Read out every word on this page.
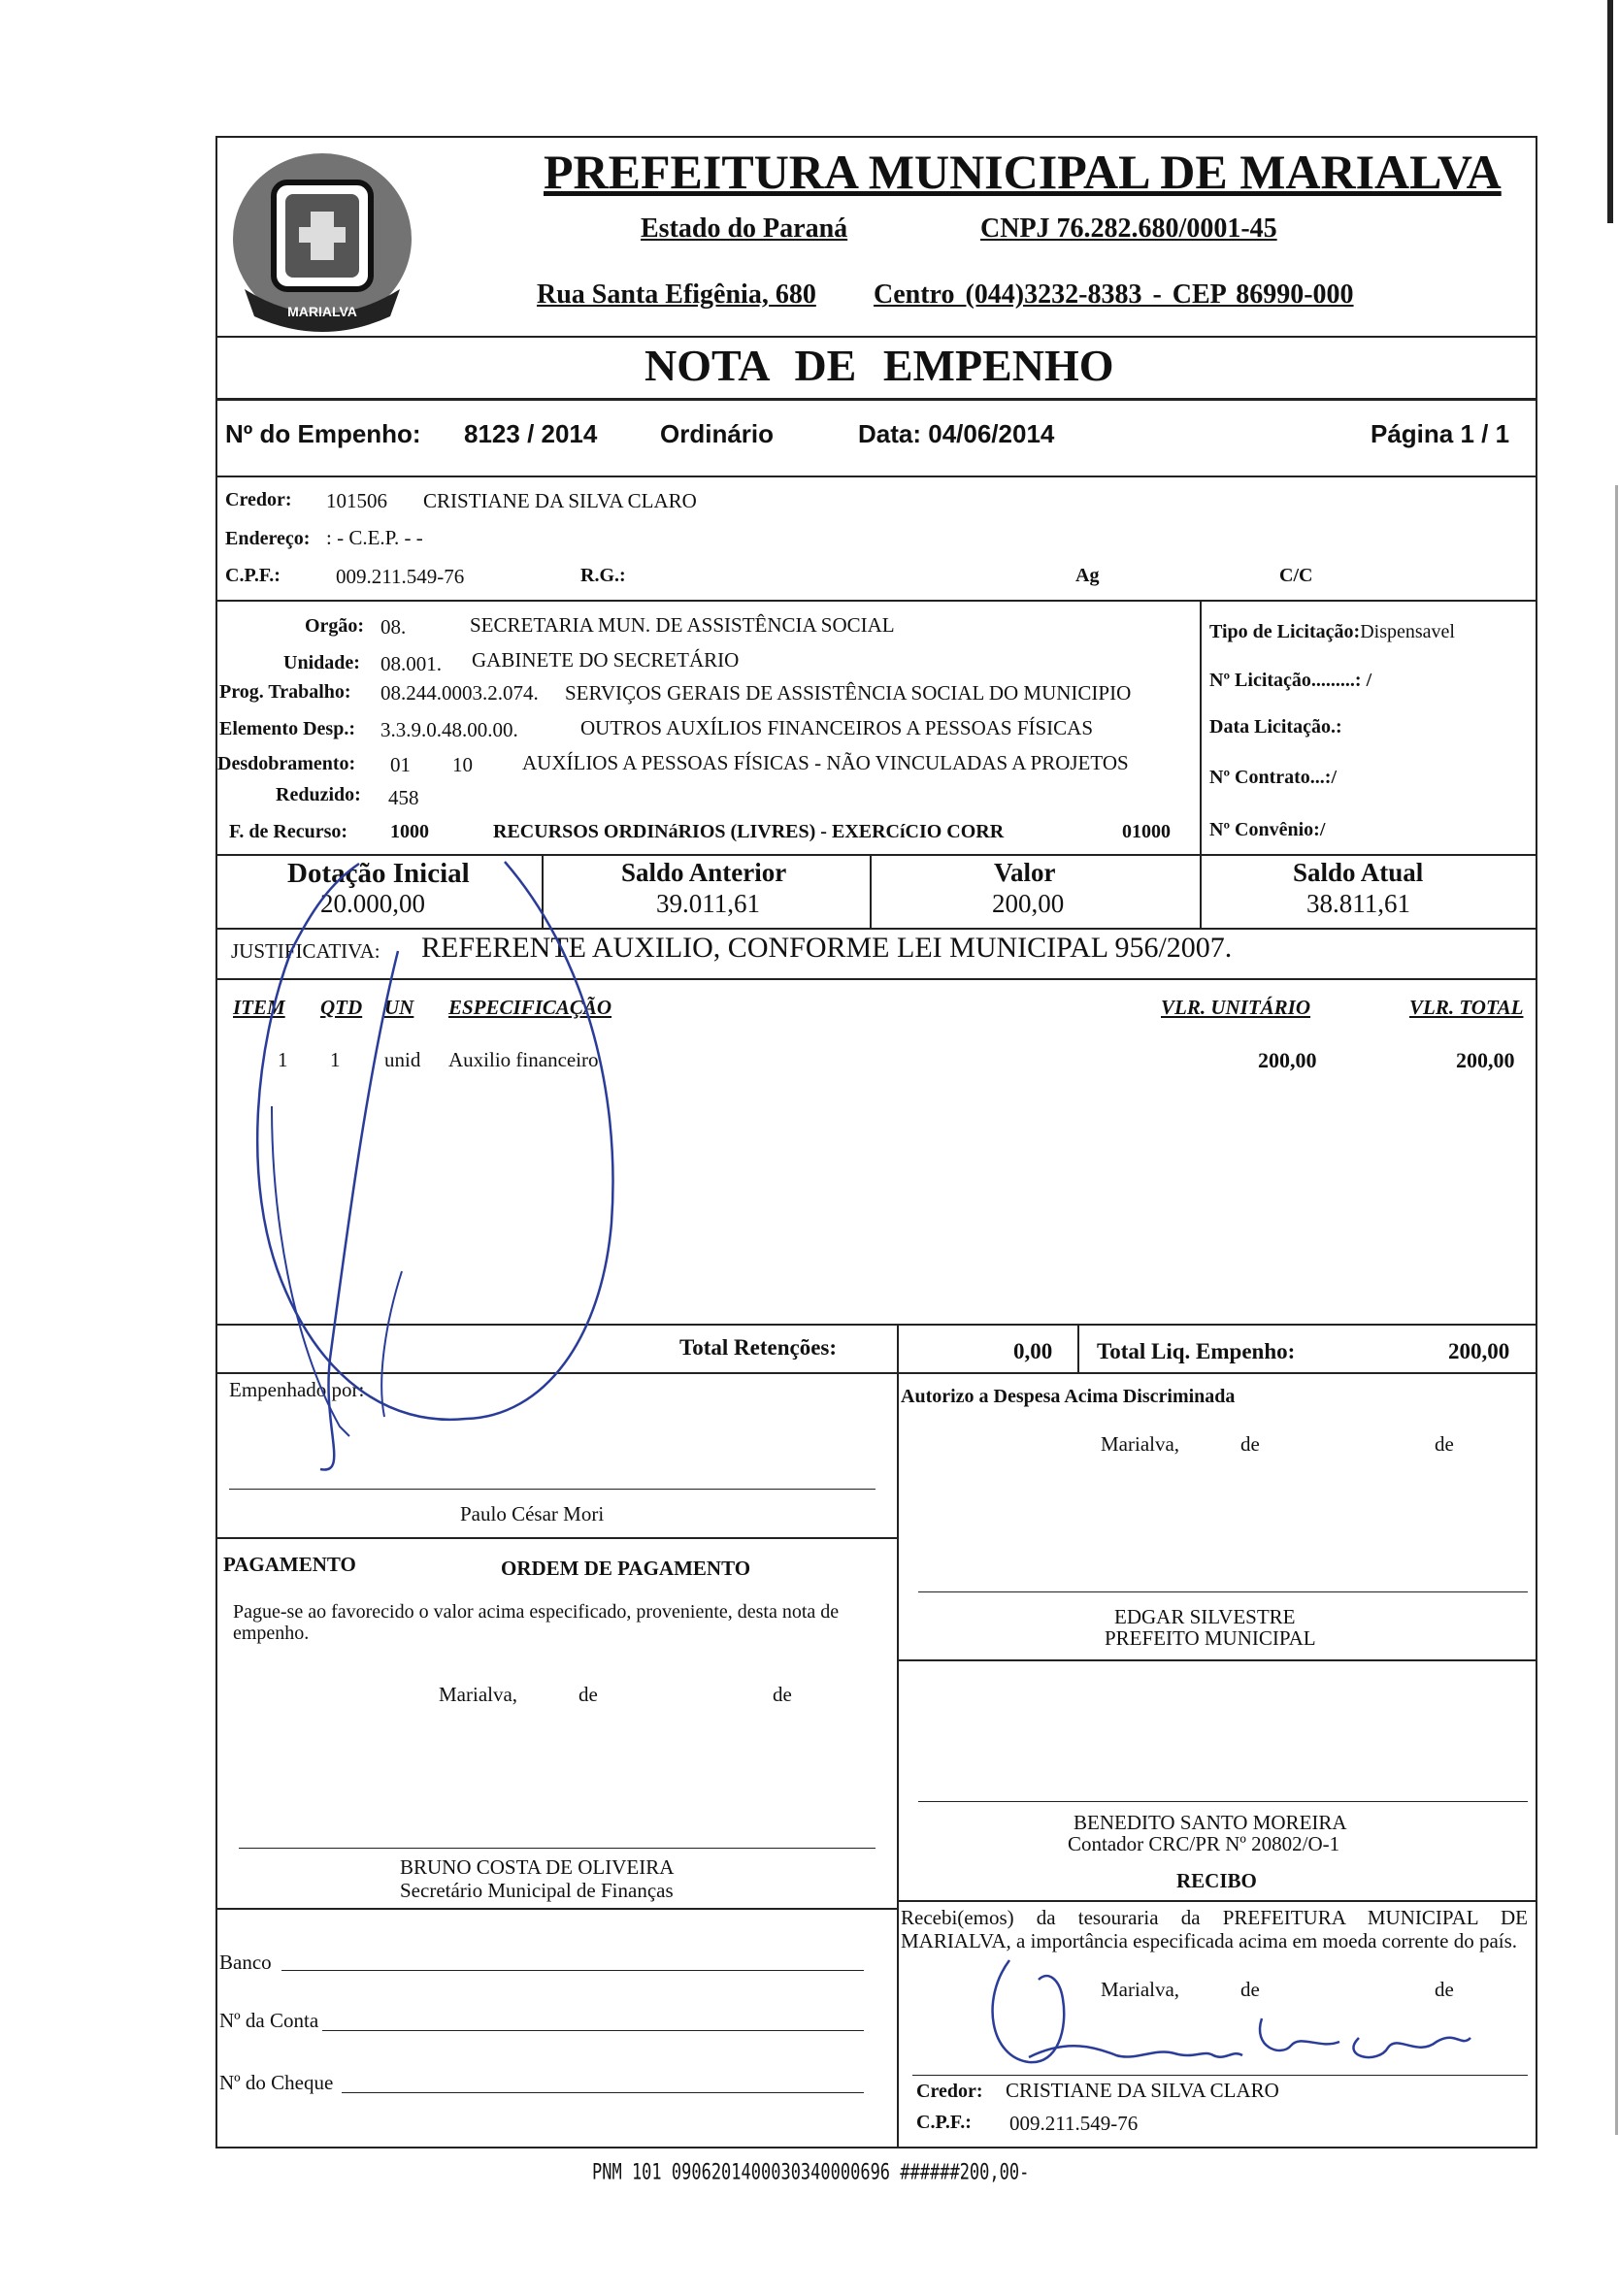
MARIALVA
PREFEITURA MUNICIPAL DE MARIALVA
Estado do Paraná	CNPJ 76.282.680/0001-45
Rua Santa Efigênia, 680 Centro (044)3232-8383 - CEP 86990-000
NOTA DE EMPENHO
Nº do Empenho: 8123 / 2014 Ordinário	Data: 04/06/2014	Página 1 / 1
Credor: 101506 CRISTIANE DA SILVA CLARO
Endereço: : - C.E.P. - -
C.P.F.:	009.211.549-76	R.G.:	Ag	C/C
Orgão: 08.	SECRETARIA MUN. DE ASSISTÊNCIA SOCIAL
Unidade: 08.001. GABINETE DO SECRETÁRIO
Prog. Trabalho: 08.244.0003.2.074. SERVIÇOS GERAIS DE ASSISTÊNCIA SOCIAL DO MUNICIPIO
Elemento Desp.: 3.3.9.0.48.00.00.	OUTROS AUXÍLIOS FINANCEIROS A PESSOAS FÍSICAS
Desdobramento: 01 10 AUXÍLIOS A PESSOAS FÍSICAS - NÃO VINCULADAS A PROJETOS
Reduzido: 458
F. de Recurso: 1000	RECURSOS ORDINáRIOS (LIVRES) - EXERCíCIO CORR	01000
Tipo de Licitação:Dispensavel
Nº Licitação.........: /
Data Licitação.:
Nº Contrato...:/
Nº Convênio:/
Dotação Inicial
20.000,00
Saldo Anterior
39.011,61
Valor
200,00
Saldo Atual
38.811,61
JUSTIFICATIVA: REFERENTE AUXILIO, CONFORME LEI MUNICIPAL 956/2007.
ITEM QTD UN ESPECIFICAÇÃO	VLR. UNITÁRIO	VLR. TOTAL
1 1 unid Auxilio financeiro	200,00	200,00
Total Retenções:	0,00 Total Liq. Empenho:	200,00
Empenhado por:
Paulo César Mori
Autorizo a Despesa Acima Discriminada
Marialva,	de	de
PAGAMENTO	ORDEM DE PAGAMENTO
Pague-se ao favorecido o valor acima especificado, proveniente, desta nota de empenho.
Marialva,	de	de
EDGAR SILVESTRE
PREFEITO MUNICIPAL
BENEDITO SANTO MOREIRA
Contador CRC/PR Nº 20802/O-1
BRUNO COSTA DE OLIVEIRA
Secretário Municipal de Finanças	RECIBO
Recebi(emos) da tesouraria da PREFEITURA MUNICIPAL DE MARIALVA, a importância especificada acima em moeda corrente do país.
Marialva,	de	de
Credor: CRISTIANE DA SILVA CLARO
C.P.F.: 009.211.549-76
Banco
Nº da Conta
Nº do Cheque
PNM 101 0906201400030340000696 ######200,00-
